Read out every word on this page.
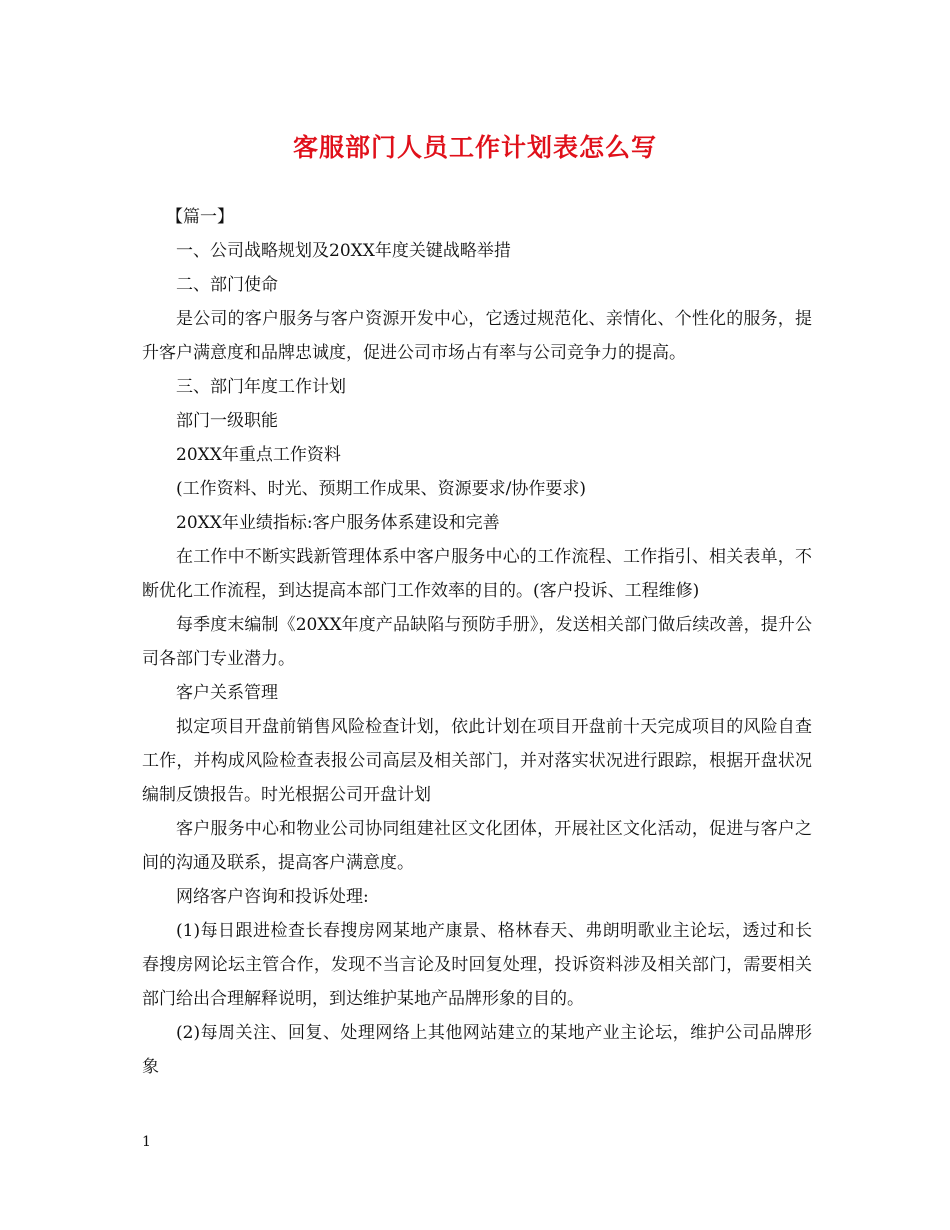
客服部门人员工作计划表怎么写

【篇一】

一、公司战略规划及20XX年度关键战略举措

二、部门使命

是公司的客户服务与客户资源开发中心，它透过规范化、亲情化、个性化的服务，提升客户满意度和品牌忠诚度，促进公司市场占有率与公司竞争力的提高。

三、部门年度工作计划

部门一级职能

20XX年重点工作资料

(工作资料、时光、预期工作成果、资源要求/协作要求)

20XX年业绩指标:客户服务体系建设和完善

在工作中不断实践新管理体系中客户服务中心的工作流程、工作指引、相关表单，不断优化工作流程，到达提高本部门工作效率的目的。(客户投诉、工程维修)

每季度末编制《20XX年度产品缺陷与预防手册》，发送相关部门做后续改善，提升公司各部门专业潜力。

客户关系管理

拟定项目开盘前销售风险检查计划，依此计划在项目开盘前十天完成项目的风险自查工作，并构成风险检查表报公司高层及相关部门，并对落实状况进行跟踪，根据开盘状况编制反馈报告。时光根据公司开盘计划

客户服务中心和物业公司协同组建社区文化团体，开展社区文化活动，促进与客户之间的沟通及联系，提高客户满意度。

网络客户咨询和投诉处理:

(1)每日跟进检查长春搜房网某地产康景、格林春天、弗朗明歌业主论坛，透过和长春搜房网论坛主管合作，发现不当言论及时回复处理，投诉资料涉及相关部门，需要相关部门给出合理解释说明，到达维护某地产品牌形象的目的。

(2)每周关注、回复、处理网络上其他网站建立的某地产业主论坛，维护公司品牌形象

1
